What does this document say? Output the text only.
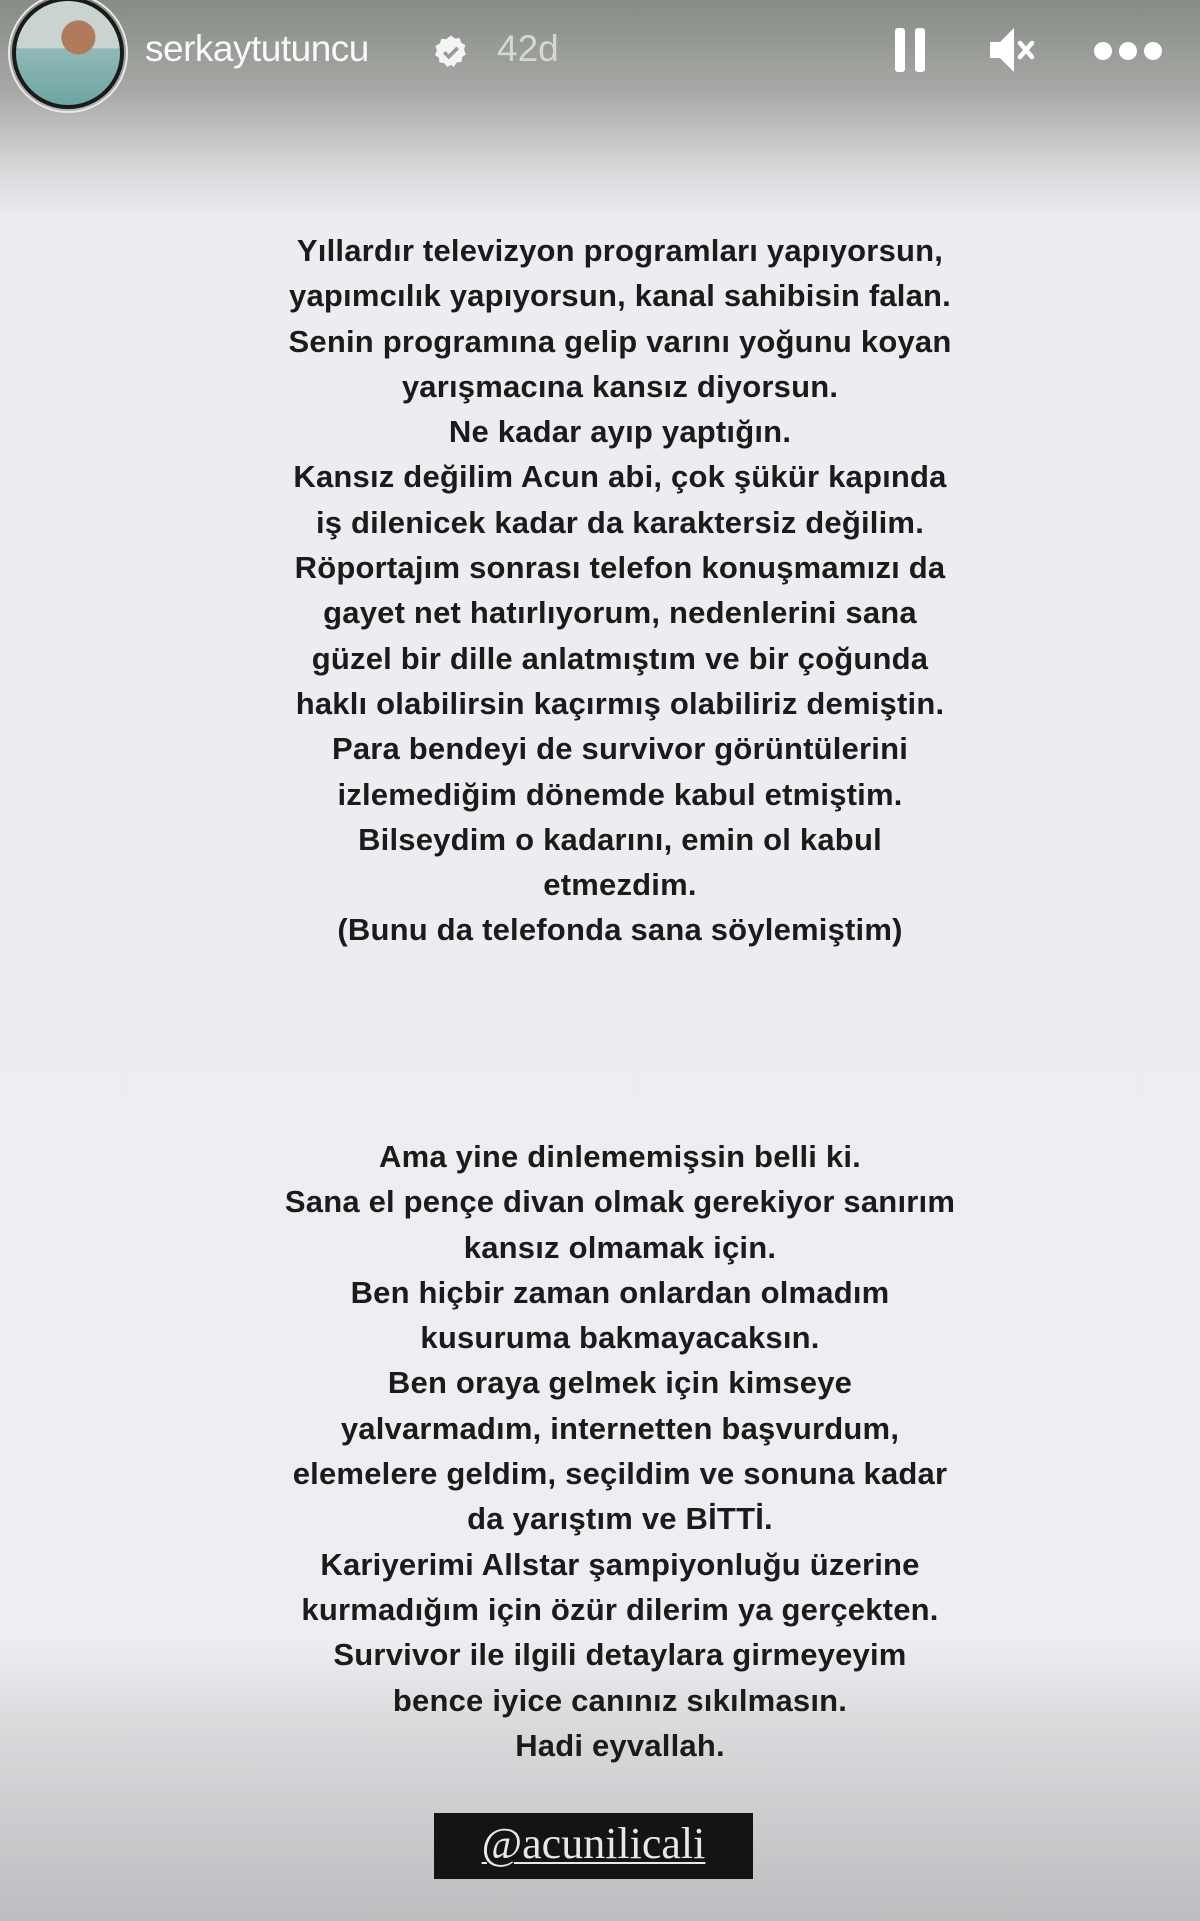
serkaytutuncu	42d
Yıllardır televizyon programları yapıyorsun,
yapımcılık yapıyorsun, kanal sahibisin falan.
Senin programına gelip varını yoğunu koyan
yarışmacına kansız diyorsun.
Ne kadar ayıp yaptığın.
Kansız değilim Acun abi, çok şükür kapında
iş dilenicek kadar da karaktersiz değilim.
Röportajım sonrası telefon konuşmamızı da
gayet net hatırlıyorum, nedenlerini sana
güzel bir dille anlatmıştım ve bir çoğunda
haklı olabilirsin kaçırmış olabiliriz demiştin.
Para bendeyi de survivor görüntülerini
izlemediğim dönemde kabul etmiştim.
Bilseydim o kadarını, emin ol kabul
etmezdim.
(Bunu da telefonda sana söylemiştim)
Ama yine dinlememişsin belli ki.
Sana el pençe divan olmak gerekiyor sanırım
kansız olmamak için.
Ben hiçbir zaman onlardan olmadım
kusuruma bakmayacaksın.
Ben oraya gelmek için kimseye
yalvarmadım, internetten başvurdum,
elemelere geldim, seçildim ve sonuna kadar
da yarıştım ve BİTTİ.
Kariyerimi Allstar şampiyonluğu üzerine
kurmadığım için özür dilerim ya gerçekten.
Survivor ile ilgili detaylara girmeyeyim
bence iyice canınız sıkılmasın.
Hadi eyvallah.
@acunilicali
